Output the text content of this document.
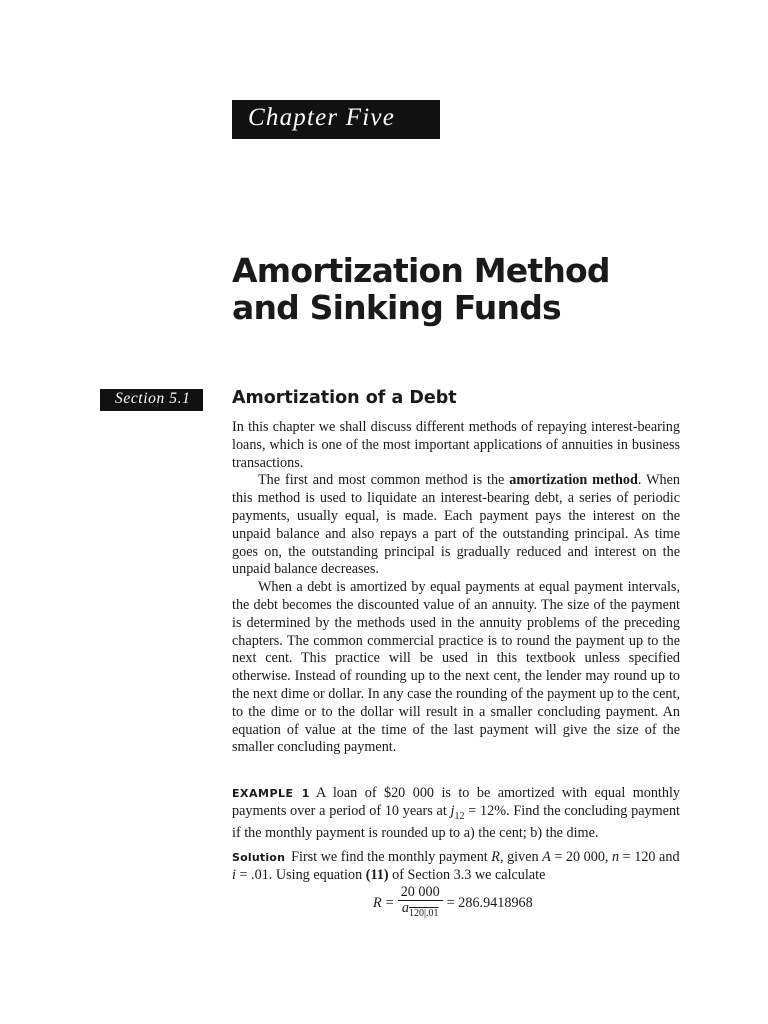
Chapter Five
Amortization Method
and Sinking Funds
Section 5.1 Amortization of a Debt

In this chapter we shall discuss different methods of repaying interest-bearing loans, which is one of the most important applications of annuities in business transactions.

The first and most common method is the amortization method. When this method is used to liquidate an interest-bearing debt, a series of periodic payments, usually equal, is made. Each payment pays the interest on the unpaid balance and also repays a part of the outstanding principal. As time goes on, the outstanding principal is gradually reduced and interest on the unpaid balance decreases.

When a debt is amortized by equal payments at equal payment intervals, the debt becomes the discounted value of an annuity. The size of the payment is determined by the methods used in the annuity problems of the preceding chapters. The common commercial practice is to round the payment up to the next cent. This practice will be used in this textbook unless specified otherwise. Instead of rounding up to the next cent, the lender may round up to the next dime or dollar. In any case the rounding of the payment up to the cent, to the dime or to the dollar will result in a smaller concluding payment. An equation of value at the time of the last payment will give the size of the smaller concluding payment.

EXAMPLE 1 A loan of $20 000 is to be amortized with equal monthly payments over a period of 10 years at $j_{12} = 12\%$. Find the concluding payment if the monthly payment is rounded up to a) the cent; b) the dime.

Solution First we find the monthly payment R, given A = 20 000, n = 120 and i = .01. Using equation (11) of Section 3.3 we calculate

$R = \frac{20 000}{a_{120|.01}} = 286.9418968$
